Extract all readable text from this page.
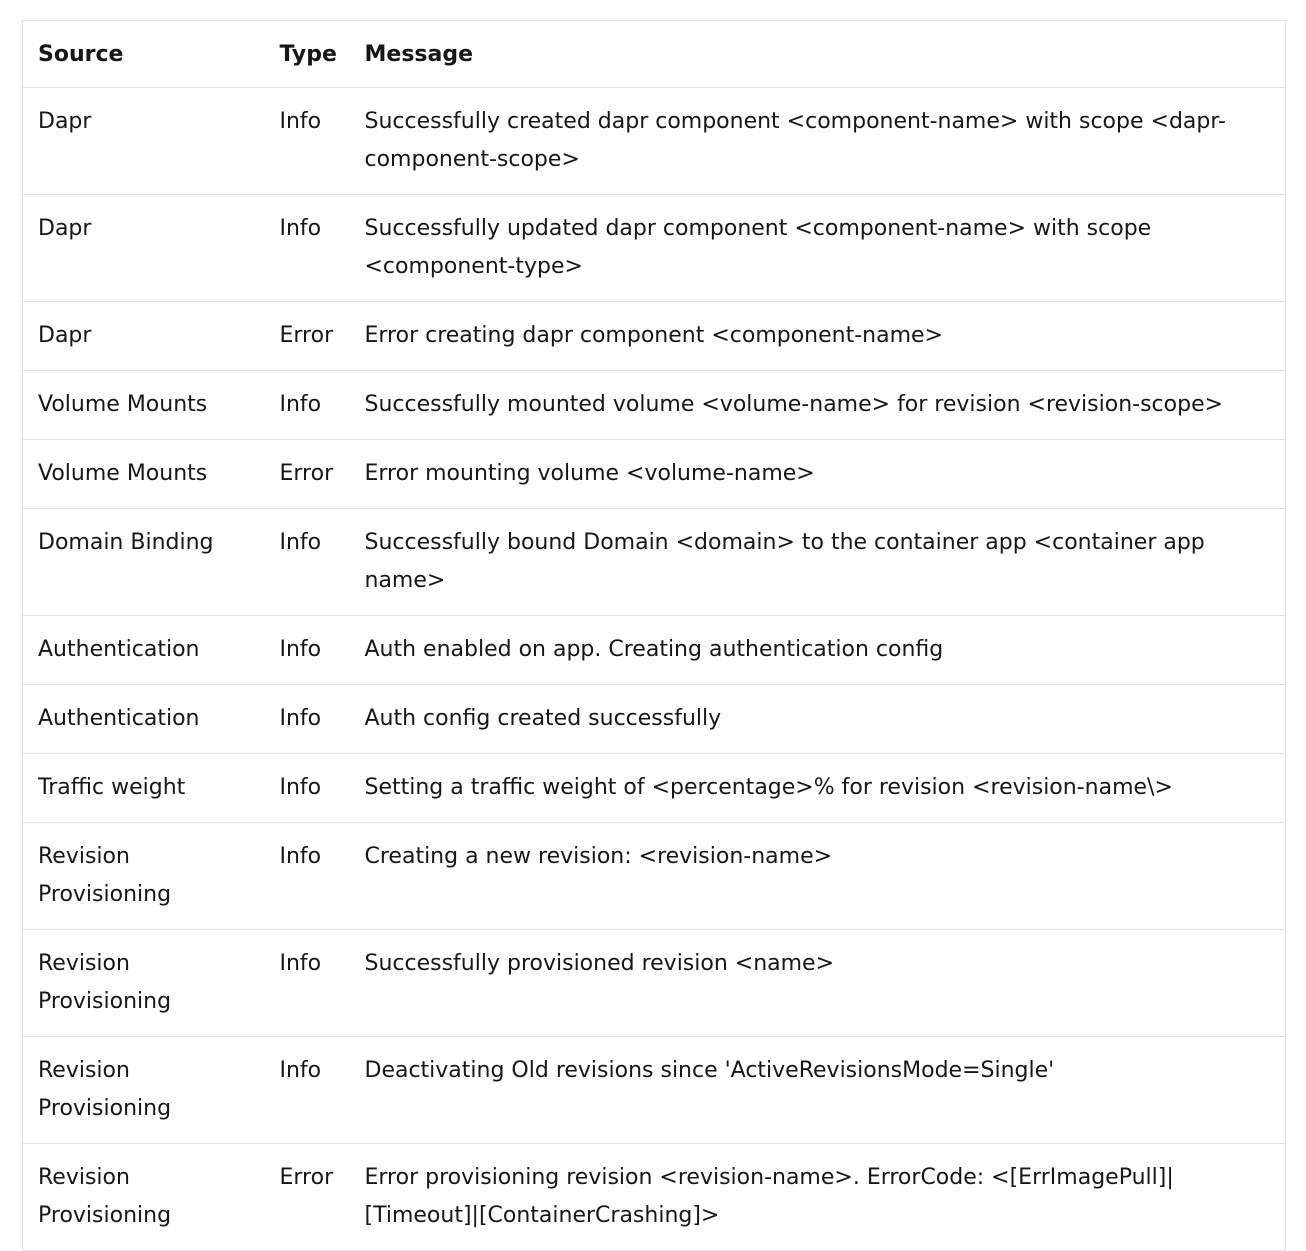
Source	Type	Message
Dapr	Info	Successfully created dapr component <component-name> with scope <dapr-component-scope>
Dapr	Info	Successfully updated dapr component <component-name> with scope <component-type>
Dapr	Error	Error creating dapr component <component-name>
Volume Mounts	Info	Successfully mounted volume <volume-name> for revision <revision-scope>
Volume Mounts	Error	Error mounting volume <volume-name>
Domain Binding	Info	Successfully bound Domain <domain> to the container app <container app name>
Authentication	Info	Auth enabled on app. Creating authentication config
Authentication	Info	Auth config created successfully
Traffic weight	Info	Setting a traffic weight of <percentage>% for revision <revision-name\>
Revision Provisioning	Info	Creating a new revision: <revision-name>
Revision Provisioning	Info	Successfully provisioned revision <name>
Revision Provisioning	Info	Deactivating Old revisions since 'ActiveRevisionsMode=Single'
Revision Provisioning	Error	Error provisioning revision <revision-name>. ErrorCode: <[ErrImagePull]|[Timeout]|[ContainerCrashing]>
